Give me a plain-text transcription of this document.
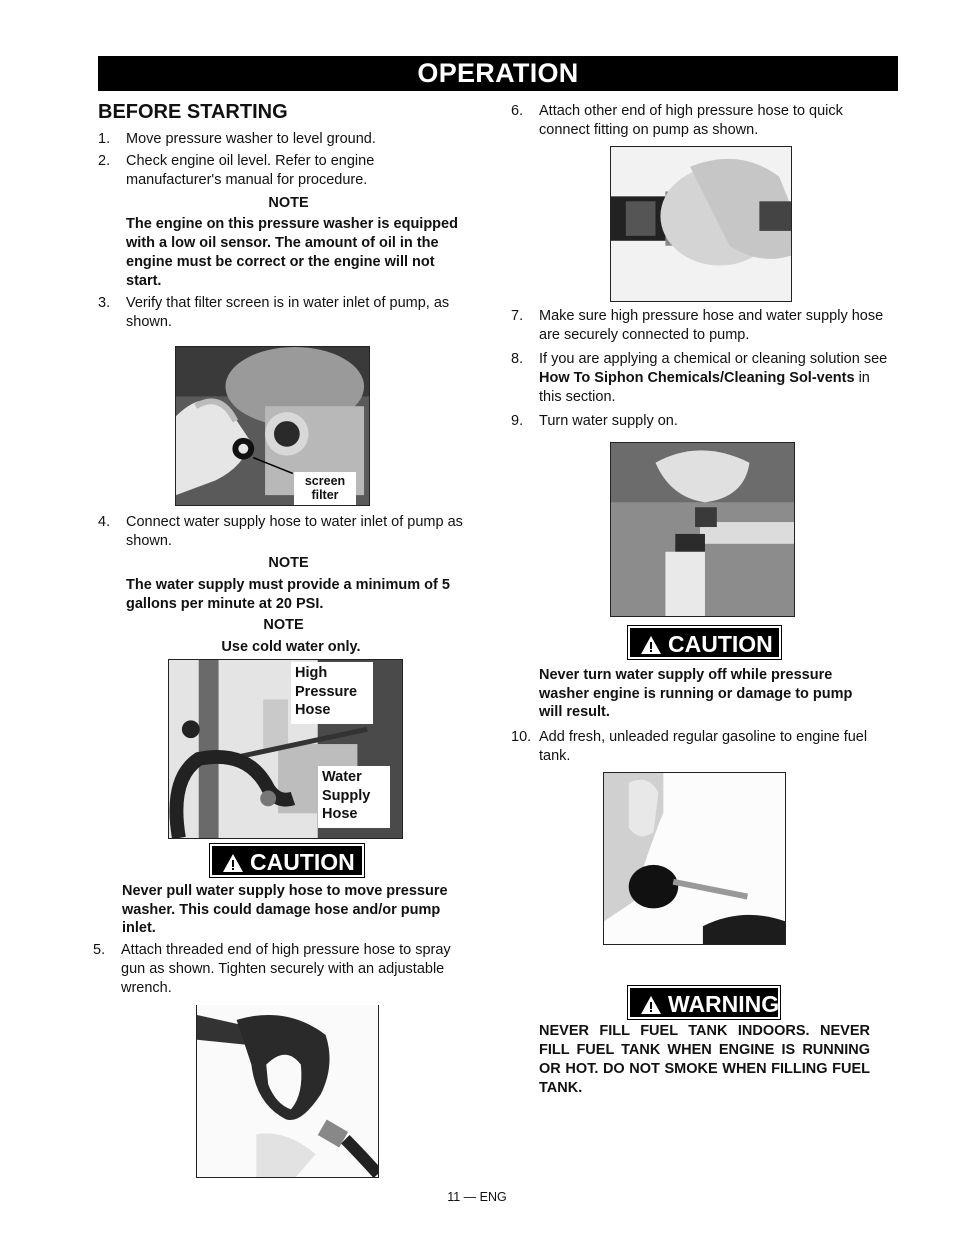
OPERATION
BEFORE STARTING
1.	Move pressure washer to level ground.
2.	Check engine oil level. Refer to engine manufacturer's manual for procedure.
NOTE
The engine on this pressure washer is equipped with a low oil sensor. The amount of oil in the engine must be correct or the engine will not start.
3.	Verify that filter screen is in water inlet of pump, as shown.
screen filter
4.	Connect water supply hose to water inlet of pump as shown.
NOTE
The water supply must provide a minimum of 5 gallons per minute at 20 PSI.
NOTE
Use cold water only.
High Pressure Hose
Water Supply Hose
CAUTION
Never pull water supply hose to move pressure washer. This could damage hose and/or pump inlet.
5.	Attach threaded end of high pressure hose to spray gun as shown. Tighten securely with an adjustable wrench.
6.	Attach other end of high pressure hose to quick connect fitting on pump as shown.
7.	Make sure high pressure hose and water supply hose are securely connected to pump.
8.	If you are applying a chemical or cleaning solution see How To Siphon Chemicals/Cleaning Sol-vents in this section.
9.	Turn water supply on.
CAUTION
Never turn water supply off while pressure washer engine is running or damage to pump will result.
10. Add fresh, unleaded regular gasoline to engine fuel tank.
WARNING
NEVER FILL FUEL TANK INDOORS. NEVER FILL FUEL TANK WHEN ENGINE IS RUNNING OR HOT. DO NOT SMOKE WHEN FILLING FUEL TANK.
11 — ENG
